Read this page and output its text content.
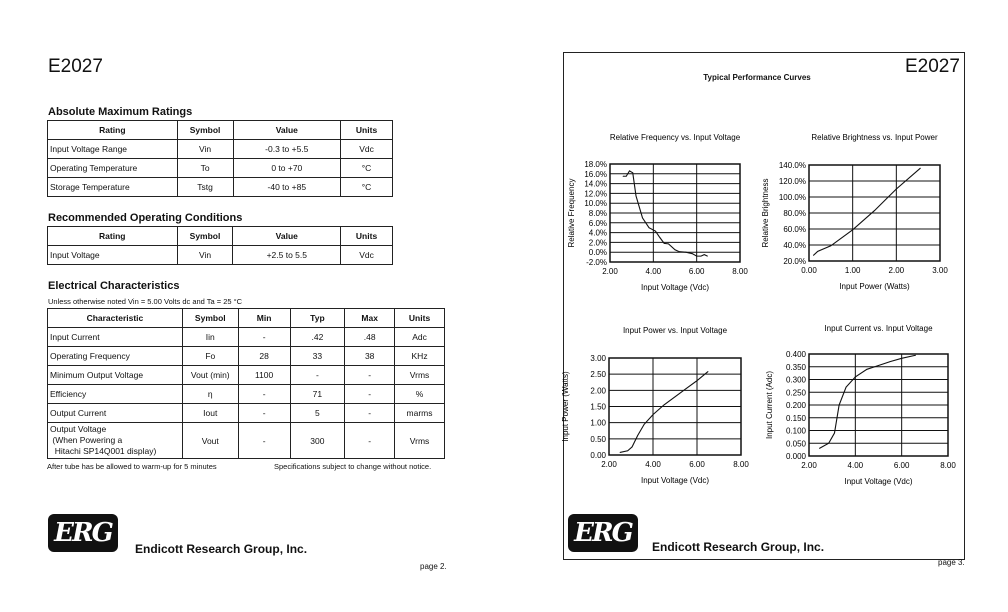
E2027
Absolute Maximum Ratings
Rating	Symbol	Value	Units
Input Voltage Range	Vin	-0.3 to +5.5	Vdc
Operating Temperature	To	0 to +70	°C
Storage Temperature	Tstg	-40 to +85	°C
Recommended Operating Conditions
Rating	Symbol	Value	Units
Input Voltage	Vin	+2.5 to 5.5	Vdc
Electrical Characteristics
Unless otherwise noted Vin = 5.00 Volts dc and Ta = 25 °C
Characteristic	Symbol	Min	Typ	Max	Units
Input Current	Iin	-	.42	.48	Adc
Operating Frequency	Fo	28	33	38	KHz
Minimum Output Voltage	Vout (min)	1100	-	-	Vrms
Efficiency	η	-	71	-	%
Output Current	Iout	-	5	-	marms
Output Voltage
(When Powering a
Hitachi SP14Q001 display)	Vout	-	300	-	Vrms
After tube has be allowed to warm-up for 5 minutes	Specifications subject to change without notice.
ERG
Endicott Research Group, Inc.
page 2.
E2027
Typical Performance Curves
Relative Frequency vs. Input Voltage
-2.0%
0.0%
2.0%
4.0%
6.0%
8.0%
10.0%
12.0%
14.0%
16.0%
18.0%
2.00	4.00	6.00	8.00
Input Voltage (Vdc)
Relative Frequency
Relative Brightness vs. Input Power
20.0%
40.0%
60.0%
80.0%
100.0%
120.0%
140.0%
0.00	1.00	2.00	3.00
Input Power (Watts)
Relative Brightness
Input Power vs. Input Voltage
0.00
0.50
1.00
1.50
2.00
2.50
3.00
2.00	4.00	6.00	8.00
Input Voltage (Vdc)
Input Power (Watts)
Input Current vs. Input Voltage
0.000
0.050
0.100
0.150
0.200
0.250
0.300
0.350
0.400
2.00	4.00	6.00	8.00
Input Voltage (Vdc)
Input Current (Adc)
ERG	Endicott Research Group, Inc.
page 3.
